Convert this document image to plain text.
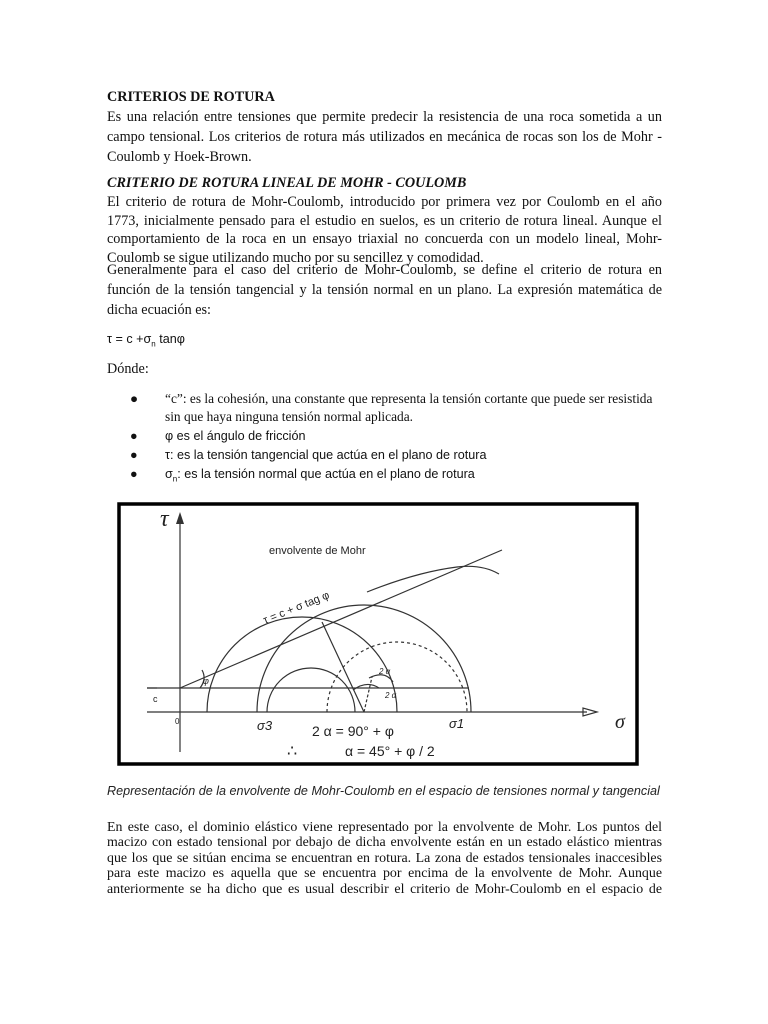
CRITERIOS DE ROTURA
Es una relación entre tensiones que permite predecir la resistencia de una roca sometida a un campo tensional. Los criterios de rotura más utilizados en mecánica de rocas son los de Mohr - Coulomb y Hoek-Brown.
CRITERIO DE ROTURA LINEAL DE MOHR - COULOMB
El criterio de rotura de Mohr-Coulomb, introducido por primera vez por Coulomb en el año 1773, inicialmente pensado para el estudio en suelos, es un criterio de rotura lineal. Aunque el comportamiento de la roca en un ensayo triaxial no concuerda con un modelo lineal, Mohr-Coulomb se sigue utilizando mucho por su sencillez y comodidad.
Generalmente para el caso del criterio de Mohr-Coulomb, se define el criterio de rotura en función de la tensión tangencial y la tensión normal en un plano. La expresión matemática de dicha ecuación es:
$\tau = c +\sigma_n$ tanφ
Dónde:
● “c”: es la cohesión, una constante que representa la tensión cortante que puede ser resistida sin que haya ninguna tensión normal aplicada.
● φ es el ángulo de fricción
● τ: es la tensión tangencial que actúa en el plano de rotura
● $\sigma_n$: es la tensión normal que actúa en el plano de rotura
τ
σ
envolvente de Mohr
τ = c + σ tag φ
c
0
φ
2 α
2 α
σ3	σ1
2 α = 90° + φ
∴	α = 45° + φ / 2
Representación de la envolvente de Mohr-Coulomb en el espacio de tensiones normal y tangencial
En este caso, el dominio elástico viene representado por la envolvente de Mohr. Los puntos del macizo con estado tensional por debajo de dicha envolvente están en un estado elástico mientras que los que se sitúan encima se encuentran en rotura. La zona de estados tensionales inaccesibles para este macizo es aquella que se encuentra por encima de la envolvente de Mohr. Aunque anteriormente se ha dicho que es usual describir el criterio de Mohr-Coulomb en el espacio de
